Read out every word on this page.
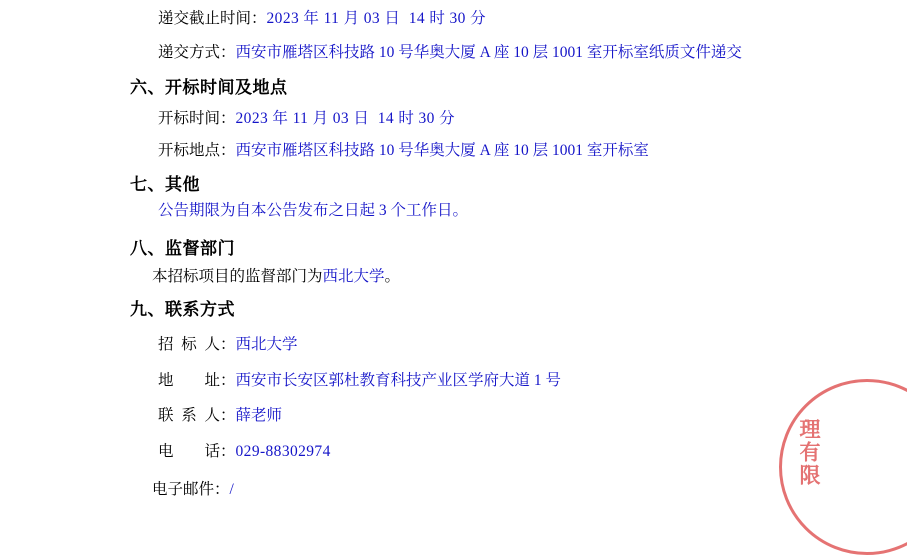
递交截止时间： 2023 年 11 月 03 日  14 时 30 分
递交方式： 西安市雁塔区科技路 10 号华奥大厦 A 座 10 层 1001 室开标室纸质文件递交
六、开标时间及地点
开标时间： 2023 年 11 月 03 日  14 时 30 分
开标地点： 西安市雁塔区科技路 10 号华奥大厦 A 座 10 层 1001 室开标室
七、其他
公告期限为自本公告发布之日起 3 个工作日。
八、监督部门
本招标项目的监督部门为 西北大学 。
九、联系方式
招  标  人： 西北大学
地        址： 西安市长安区郭杜教育科技产业区学府大道 1 号
联  系  人： 薛老师
电        话： 029-88302974
电子邮件： /
理有限
